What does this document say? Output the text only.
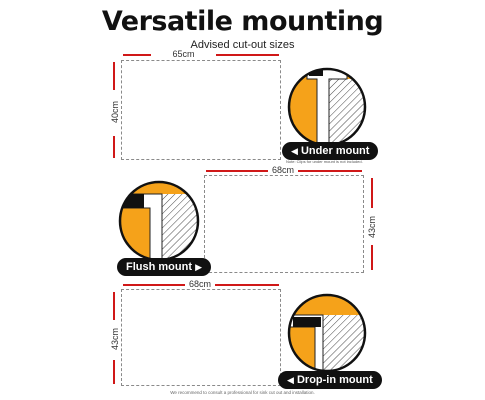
Versatile mounting
Advised cut-out sizes
65cm
40cm
◀ Under mount
Note: Clips for under mount is not included.
68cm
43cm
Flush mount ▶
68cm
43cm
◀ Drop-in mount
We recommend to consult a professional for sink cut out and installation.
